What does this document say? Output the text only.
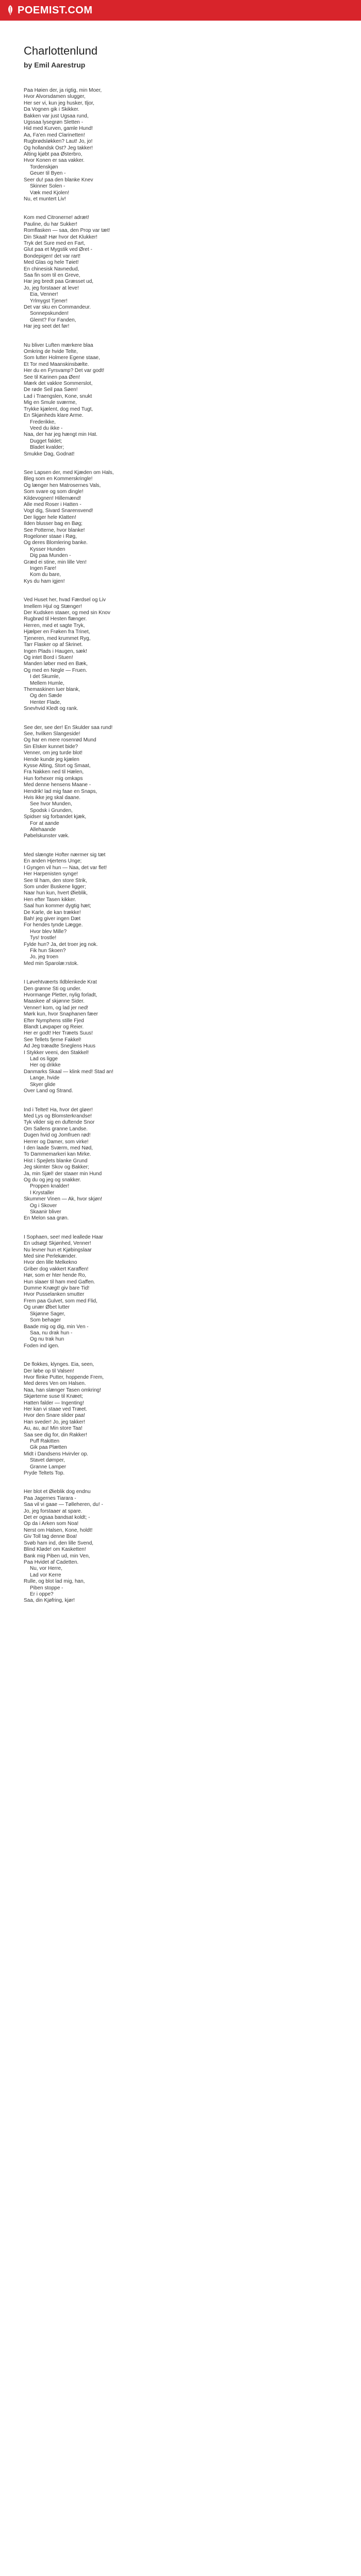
POEMIST.COM
Charlottenlund
by Emil Aarestrup
Paa Høien der, ja rigtig, min Moer,
Hvor Alvorsdamen slugger,
Her ser vi, kun jeg husker, tljor,
Da Vognen gik i Skikker.
Bakken var just Ugsaa rund,
Ugssaa lysegrøn Sletten -
Hid med Kurven, gamle Hund!
Aa, Fa'en med Clarinetten!
Rugbrødsløkken? Laut! Jo, jo!
Og hollandsk Ost? Jeg takker!
Alting kjøbt paa Østerbro,
Hvor Konen er saa vakker.
Tordenskjøn
Geuer til Byen -
Seer du! paa den blanke Knev
Skinner Solen -
Væk med Kjolen!
Nu, et muntert Liv!
Kom med Citronerne! adræt!
Pauline, du har Sukker!
Romflasken — saa, den Prop var tæt!
Din Skaal! Hør hvor det Klukker!
Tryk det Sure med en Fart,
Glut paa et Mygstik ved Øret -
Bondepigen! det var rart!
Med Glas og hele Tøiet!
En chinesisk Navnedud,
Saa fin som til en Greve,
Har jeg bredt paa Græsset ud,
Jo, jeg forstaaer at leve!
Eia, Venner!
Yrlmygst Tjener!
Det var sku en Commandeur.
Sonnepskunden!
Glemt? For Fanden,
Har jeg seet det før!
Nu bliver Luften mærkere blaa
Omkring de hvide Telte,
Som lutter Holmere Egene staae,
Et Tor med Maanskinsbælte.
Her du en Fyrsvamp? Det var godt!
See til Karinen paa Øen!
Mærk det vakkre Sommerslot,
De røde Seil paa Søen!
Lad i Traengslen, Kone, snukt
Mig en Smule sværme,
Trykke kjælent, dog med Tugt,
En Skjønheds klare Arme.
Frederikke,
Veed du ikke -
Naa, der har jeg hængt min Hat.
Dugget faldet;
Bladet kvalder;
Smukke Dag, Godnat!
See Lapsen der, med Kjæden om Hals,
Bleg som en Kommerskringle!
Og længer hen Matrosernes Vals,
Som svare og som dingle!
Kildevognen! Hillemænd!
Alle med Roser i Hatten -
Vogt dig, Sivard Snarensvend!
Der ligger hele Klatten!
Ilden blusser bag en Bøg;
See Potterne, hvor blanke!
Rogeloner staae i Røg,
Og deres Blomlering banke.
Kysser Hunden
Dig paa Munden -
Græd ei stine, min lille Ven!
Ingen Fare!
Kom du bare,
Kys du ham igjen!
Ved Huset her, hvad Færdsel og Liv
Imellem Hjul og Stænger!
Der Kudsken staaer, og med sin Knov
Rugbrød til Hesten flænger.
Herren, med et sagte Tryk,
Hjælper en Frøken fra Trinet,
Tjeneren, med krummet Ryg,
Tarr Flasker op af Skrinet.
Ingen Plads i Haugen, sæk!
Og intet Bord i Stuen!
Manden løber med en Bæk,
Og med en Negle — Fruen.
I det Skumle,
Mellem Humle,
Themaskinen luer blank,
Og den Sæde
Henter Flade,
Snevhvid Kledt og rank.
See der, see der! En Skulder saa rund!
See, hvilken Slangeside!
Og har en mere rosenrød Mund
Sin Elsker kunnet bide?
Venner, om jeg turde blot!
Hende kunde jeg kjælen
Kysse Alting, Stort og Smaat,
Fra Nakken ned til Hælen,
Hun forhexer mig omkaps
Med denne hensens Maane -
Hendrik! lad mig faae en Snaps,
Hvis ikke jeg skal daane.
See hvor Munden,
Spodsk i Grunden,
Spidser sig forbandet kjæk,
For at aande
Allehaande
Pøbelskunster væk.
Med slængte Hofter nærmer sig tæt
En anden Hjertens Unge;
I Gyngen vil hun — Naa, det var flet!
Her Harpenisten synge!
See til ham, den store Strik,
Som under Buskene ligger;
Naar hun kun, hvert Øieblik,
Hen efter Tasen kikker.
Saal hun kommer dygtig hæt;
De Karle, de kan trække!
Bah! jeg giver ingen Dæt
For hendes tynde Lægge.
Hvor blev Mille?
Tys! trostle!
Fylde hun? Ja, det troer jeg nok.
Fik hun Skoen?
Jo, jeg troen
Med min Sparolæ:rstok.
I Løvehtvæerts Ildblenkede Krat
Den grønne Sti og under.
Hvormange Pletter, nylig forladt,
Maaskee af skjønne Sider.
Venner! kom, og lad jer ned!
Mørk kun, hvor Snaphanen fæer
Efter Nymphens stille Fjed
Blandt Løvpaper og Reier.
Her er godt! Her Træets Suus!
See Tellets fjerne Fakkel!
Ad Jeg træadte Sneglens Huus
I Stykker veeni, den Stakkel!
Lad os ligge
Her og drikke
Danmarks Skaal — klink med! Stad an!
Lange, hvide
Skyer glide
Over Land og Strand.
Ind i Teltet! Ha, hvor det gløer!
Med Lys og Blomsterkrandse!
Tyk vilder sig en duftende Snor
Om Sallens granne Landse.
Dugen hvid og Jomfruen rød!
Herrer og Damer, som virke!
I den laade Sværm, med Nød,
To Dammemarkeri kan Mirke.
Hist i Spejlets blanke Grund
Jeg skimter Skov og Bakker;
Ja, min Sjæl! der staaer min Hund
Og du og jeg og snakker.
Proppen knalder!
I Krystaller
Skummer Vinen — Ak, hvor skjøn!
Og i Skover
Skaanir bliver
En Melon saa grøn.
I Sophaen, see! med leallede Haar
En udsøgt Skjønhed, Venner!
Nu levner hun et Kjøbingslaar
Med sine Perlekænder.
Hvor den lille Melkekno
Griber dog vakkert Karaffen!
Hør, som er hter hende Ro,
Hun slaaer til ham med Gaffen.
Dumme Knægt! giv bare Tid!
Hvor Pusselanken smutter
Frem paa Gulvet, som med Flid,
Og unær Øbet lutter
Skjønne Sager,
Som behager
Baade mig og dig, min Ven -
Saa, nu drak hun -
Og nu trak hun
Foden ind igen.
De flokkes, klynges. Eia, seen,
Der løbe op til Valsen!
Hvor flinke Putter, hoppende Frem,
Med deres Ven om Halsen.
Naa, han slænger Tasen omkring!
Skjørterne suse til Knæet;
Hatten falder — Ingenting!
Her kan vi staae ved Træet.
Hvor den Snare slider paa!
Han sveder! Jo, jeg takker!
Au, au, au! Min store Taa!
Saa see dig for, din Rakker!
Puff Rakitten
Gik paa Plætten
Midt i Dandsens Hvirvler op.
Stavet dømper,
Granne Lamper
Pryde Teltets Top.
Her blot et Øieblik dog endnu
Paa Jagernes Tiarara -
Saa vil vi gaae — Tølleheren, du! -
Jo, jeg forstaaer at spare.
Det er ogsaa bandsat koldt; -
Op da i Arken som Noa!
Nerst om Halsen, Kone, holdt!
Giv Toll tag denne Boa!
Svøb ham ind, den lille Svend,
Blind Kløde! om Kasketten!
Bank mig Piben ud, min Ven,
Paa Hvidet af Cadetten.
Nu, vor Herre,
Lad vor Kerre
Rulle, og blot lad mig, han,
Piben stoppe -
Er i oppe?
Saa, din Kjøfring, kjør!
